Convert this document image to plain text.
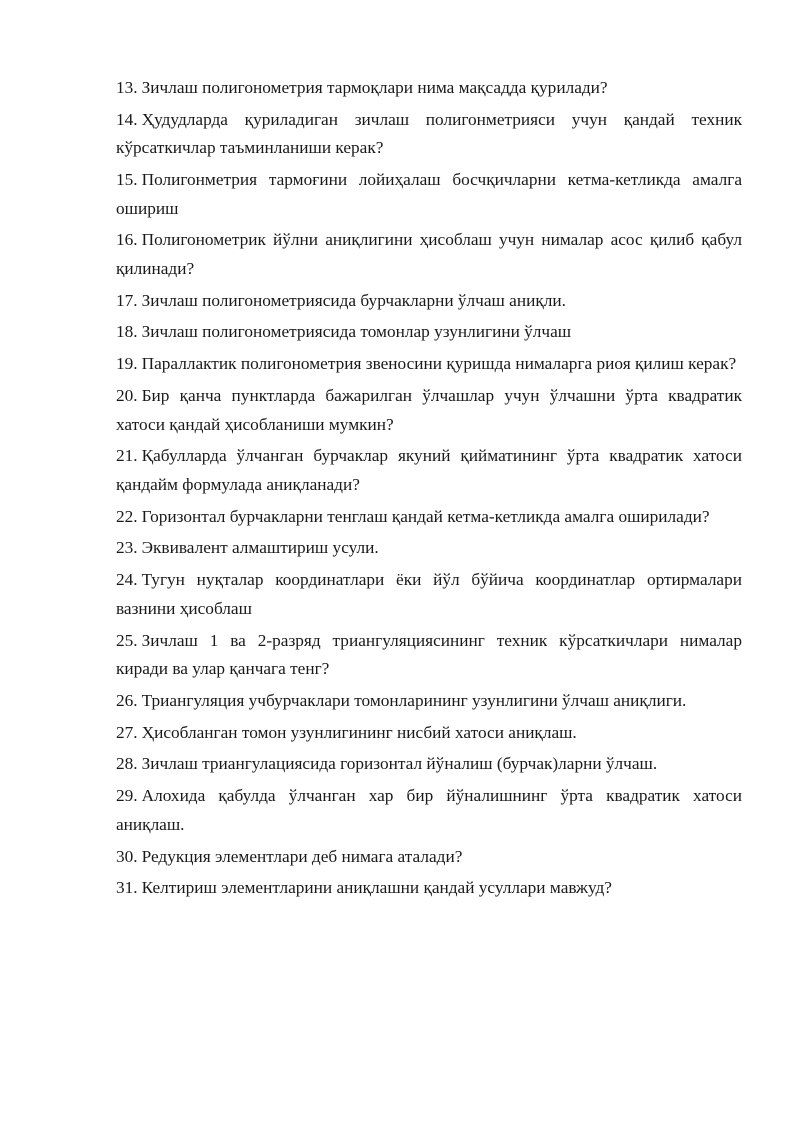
13. Зичлаш полигонометрия тармоқлари нима мақсадда қурилади?

14. Ҳудудларда қуриладиган зичлаш полигонметрияси учун қандай техник кўрсаткичлар таъминланиши керак?

15. Полигонметрия тармоғини лойиҳалаш босчқичларни кетма-кетликда амалга ошириш

16. Полигонометрик йўлни аниқлигини ҳисоблаш учун нималар асос қилиб қабул қилинади?

17. Зичлаш полигонометриясида бурчакларни ўлчаш аниқли.

18. Зичлаш полигонометриясида томонлар узунлигини ўлчаш

19. Параллактик полигонометрия звеносини қуришда нималарга риоя қилиш керак?

20. Бир қанча пунктларда бажарилган ўлчашлар учун ўлчашни ўрта квадратик хатоси қандай ҳисобланиши мумкин?

21. Қабулларда ўлчанган бурчаклар якуний қийматининг ўрта квадратик хатоси қандайм формулада аниқланади?

22. Горизонтал бурчакларни тенглаш қандай кетма-кетликда амалга оширилади?

23. Эквивалент алмаштириш усули.

24. Тугун нуқталар координатлари ёки йўл бўйича координатлар ортирмалари вазнини ҳисоблаш

25. Зичлаш 1 ва 2-разряд триангуляциясининг техник кўрсаткичлари нималар киради ва улар қанчага тенг?

26. Триангуляция учбурчаклари томонларининг узунлигини ўлчаш аниқлиги.

27. Ҳисобланган томон узунлигининг нисбий хатоси аниқлаш.

28. Зичлаш триангулациясида горизонтал йўналиш (бурчак)ларни ўлчаш.

29. Алохида қабулда ўлчанган хар бир йўналишнинг ўрта квадратик хатоси аниқлаш.

30. Редукция элементлари деб нимага аталади?

31. Келтириш элементларини аниқлашни қандай усуллари мавжуд?
